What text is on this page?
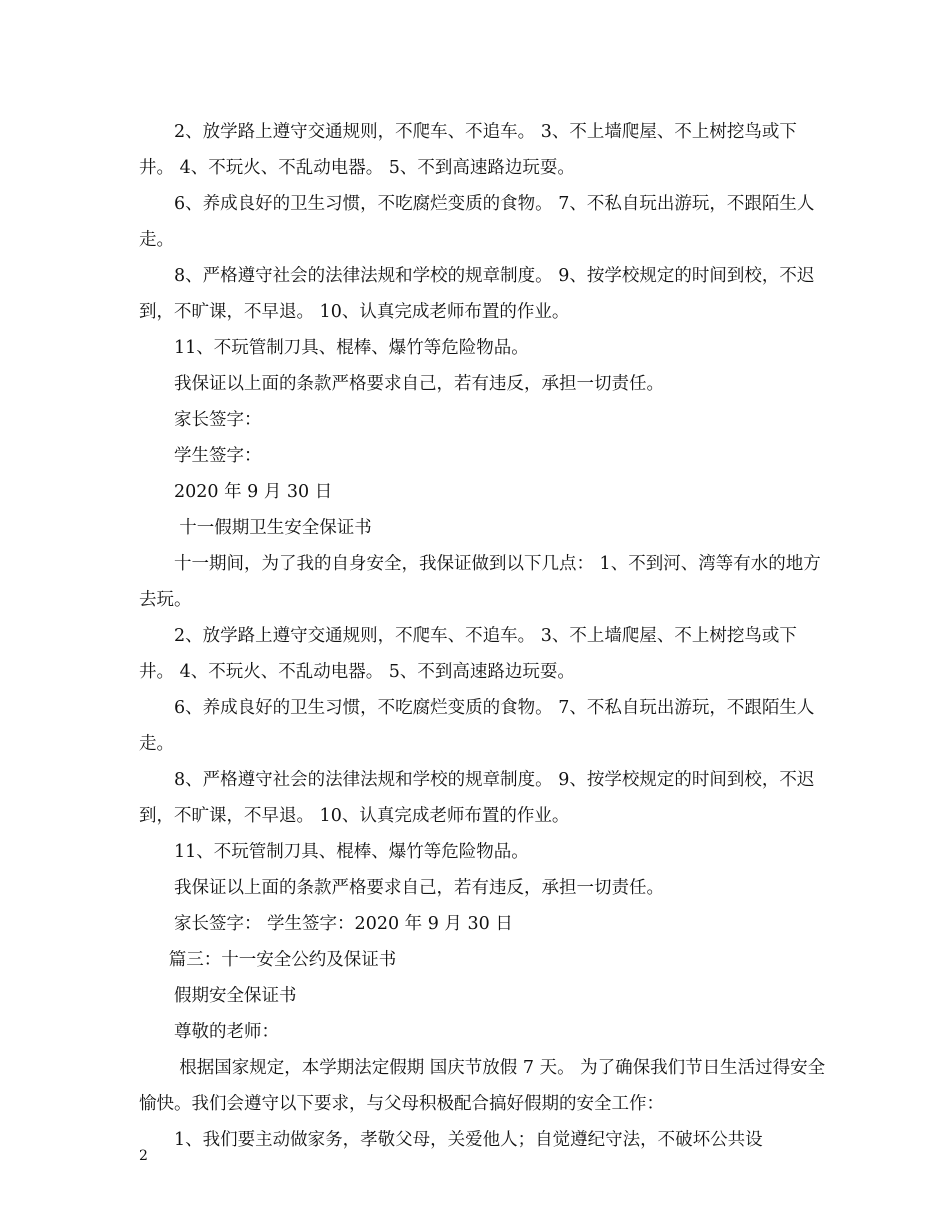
2、放学路上遵守交通规则，不爬车、不追车。 3、不上墙爬屋、不上树挖鸟或下井。 4、不玩火、不乱动电器。 5、不到高速路边玩耍。

6、养成良好的卫生习惯，不吃腐烂变质的食物。 7、不私自玩出游玩，不跟陌生人走。

8、严格遵守社会的法律法规和学校的规章制度。 9、按学校规定的时间到校，不迟到，不旷课，不早退。 10、认真完成老师布置的作业。

11、不玩管制刀具、棍棒、爆竹等危险物品。

我保证以上面的条款严格要求自己，若有违反，承担一切责任。

家长签字：

学生签字：

2020 年 9 月 30 日

十一假期卫生安全保证书

十一期间，为了我的自身安全，我保证做到以下几点： 1、不到河、湾等有水的地方去玩。

2、放学路上遵守交通规则，不爬车、不追车。 3、不上墙爬屋、不上树挖鸟或下井。 4、不玩火、不乱动电器。 5、不到高速路边玩耍。

6、养成良好的卫生习惯，不吃腐烂变质的食物。 7、不私自玩出游玩，不跟陌生人走。

8、严格遵守社会的法律法规和学校的规章制度。 9、按学校规定的时间到校，不迟到，不旷课，不早退。 10、认真完成老师布置的作业。

11、不玩管制刀具、棍棒、爆竹等危险物品。

我保证以上面的条款严格要求自己，若有违反，承担一切责任。

家长签字： 学生签字：2020 年 9 月 30 日

篇三：十一安全公约及保证书

假期安全保证书

尊敬的老师：

根据国家规定，本学期法定假期 国庆节放假 7 天。 为了确保我们节日生活过得安全愉快。我们会遵守以下要求，与父母积极配合搞好假期的安全工作：

1、我们要主动做家务，孝敬父母，关爱他人；自觉遵纪守法，不破坏公共设

2
